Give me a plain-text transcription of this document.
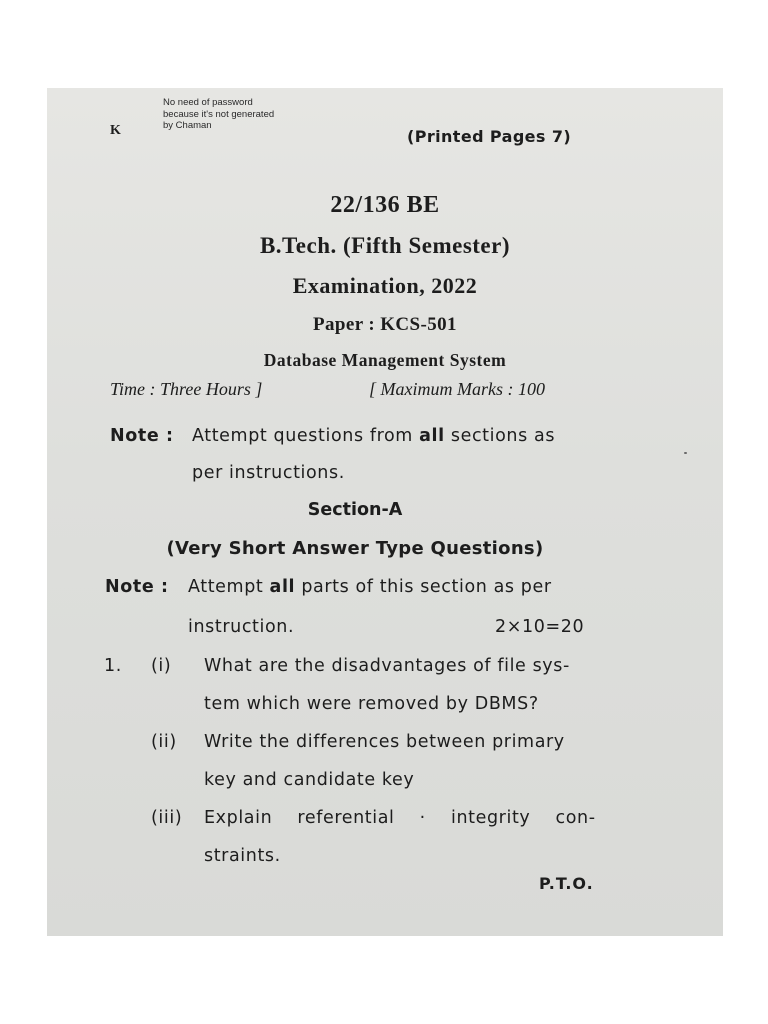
No need of password because it's not generated by Chaman
K	(Printed Pages 7)
22/136 BE
B.Tech. (Fifth Semester)
Examination, 2022
Paper : KCS-501
Database Management System
Time : Three Hours ]	[ Maximum Marks : 100
Note : Attempt questions from all sections as
per instructions.
Section-A
(Very Short Answer Type Questions)
Note : Attempt all parts of this section as per
instruction.	2×10=20
1. (i) What are the disadvantages of file sys-
tem which were removed by DBMS?
(ii) Write the differences between primary
key and candidate key
(iii) Explain referential · integrity con-
straints.
P.T.O.
